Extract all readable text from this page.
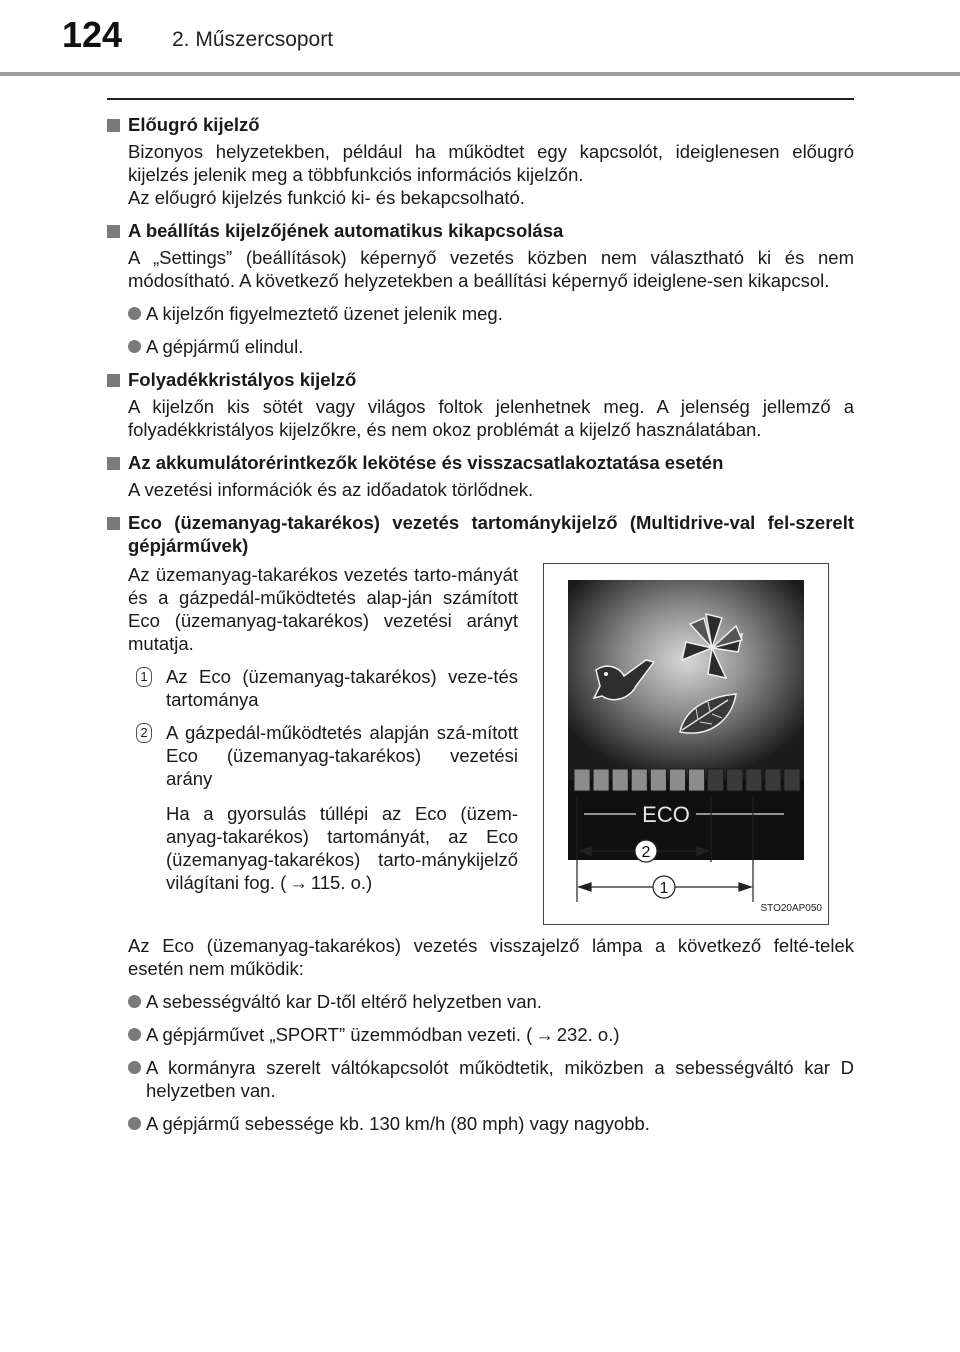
124 2. Műszercsoport
Előugró kijelző
Bizonyos helyzetekben, például ha működtet egy kapcsolót, ideiglenesen előugró kijelzés jelenik meg a többfunkciós információs kijelzőn.
Az előugró kijelzés funkció ki- és bekapcsolható.
A beállítás kijelzőjének automatikus kikapcsolása
A „Settings” (beállítások) képernyő vezetés közben nem választható ki és nem módosítható. A következő helyzetekben a beállítási képernyő ideiglene-sen kikapcsol.
A kijelzőn figyelmeztető üzenet jelenik meg.
A gépjármű elindul.
Folyadékkristályos kijelző
A kijelzőn kis sötét vagy világos foltok jelenhetnek meg. A jelenség jellemző a folyadékkristályos kijelzőkre, és nem okoz problémát a kijelző használatában.
Az akkumulátorérintkezők lekötése és visszacsatlakoztatása esetén
A vezetési információk és az időadatok törlődnek.
Eco (üzemanyag-takarékos) vezetés tartománykijelző (Multidrive-val fel-szerelt gépjárművek)
Az üzemanyag-takarékos vezetés tarto-mányát és a gázpedál-működtetés alap-ján számított Eco (üzemanyag-takarékos) vezetési arányt mutatja.
1 Az Eco (üzemanyag-takarékos) veze-tés tartománya
2 A gázpedál-működtetés alapján szá-mított Eco (üzemanyag-takarékos) vezetési arány
Ha a gyorsulás túllépi az Eco (üzem-anyag-takarékos) tartományát, az Eco (üzemanyag-takarékos) tarto-mánykijelző világítani fog. ( → 115. o.)
ECO
2
1
STO20AP050
Az Eco (üzemanyag-takarékos) vezetés visszajelző lámpa a következő felté-telek esetén nem működik:
A sebességváltó kar D-től eltérő helyzetben van.
A gépjárművet „SPORT” üzemmódban vezeti. ( → 232. o.)
A kormányra szerelt váltókapcsolót működtetik, miközben a sebességváltó kar D helyzetben van.
A gépjármű sebessége kb. 130 km/h (80 mph) vagy nagyobb.
